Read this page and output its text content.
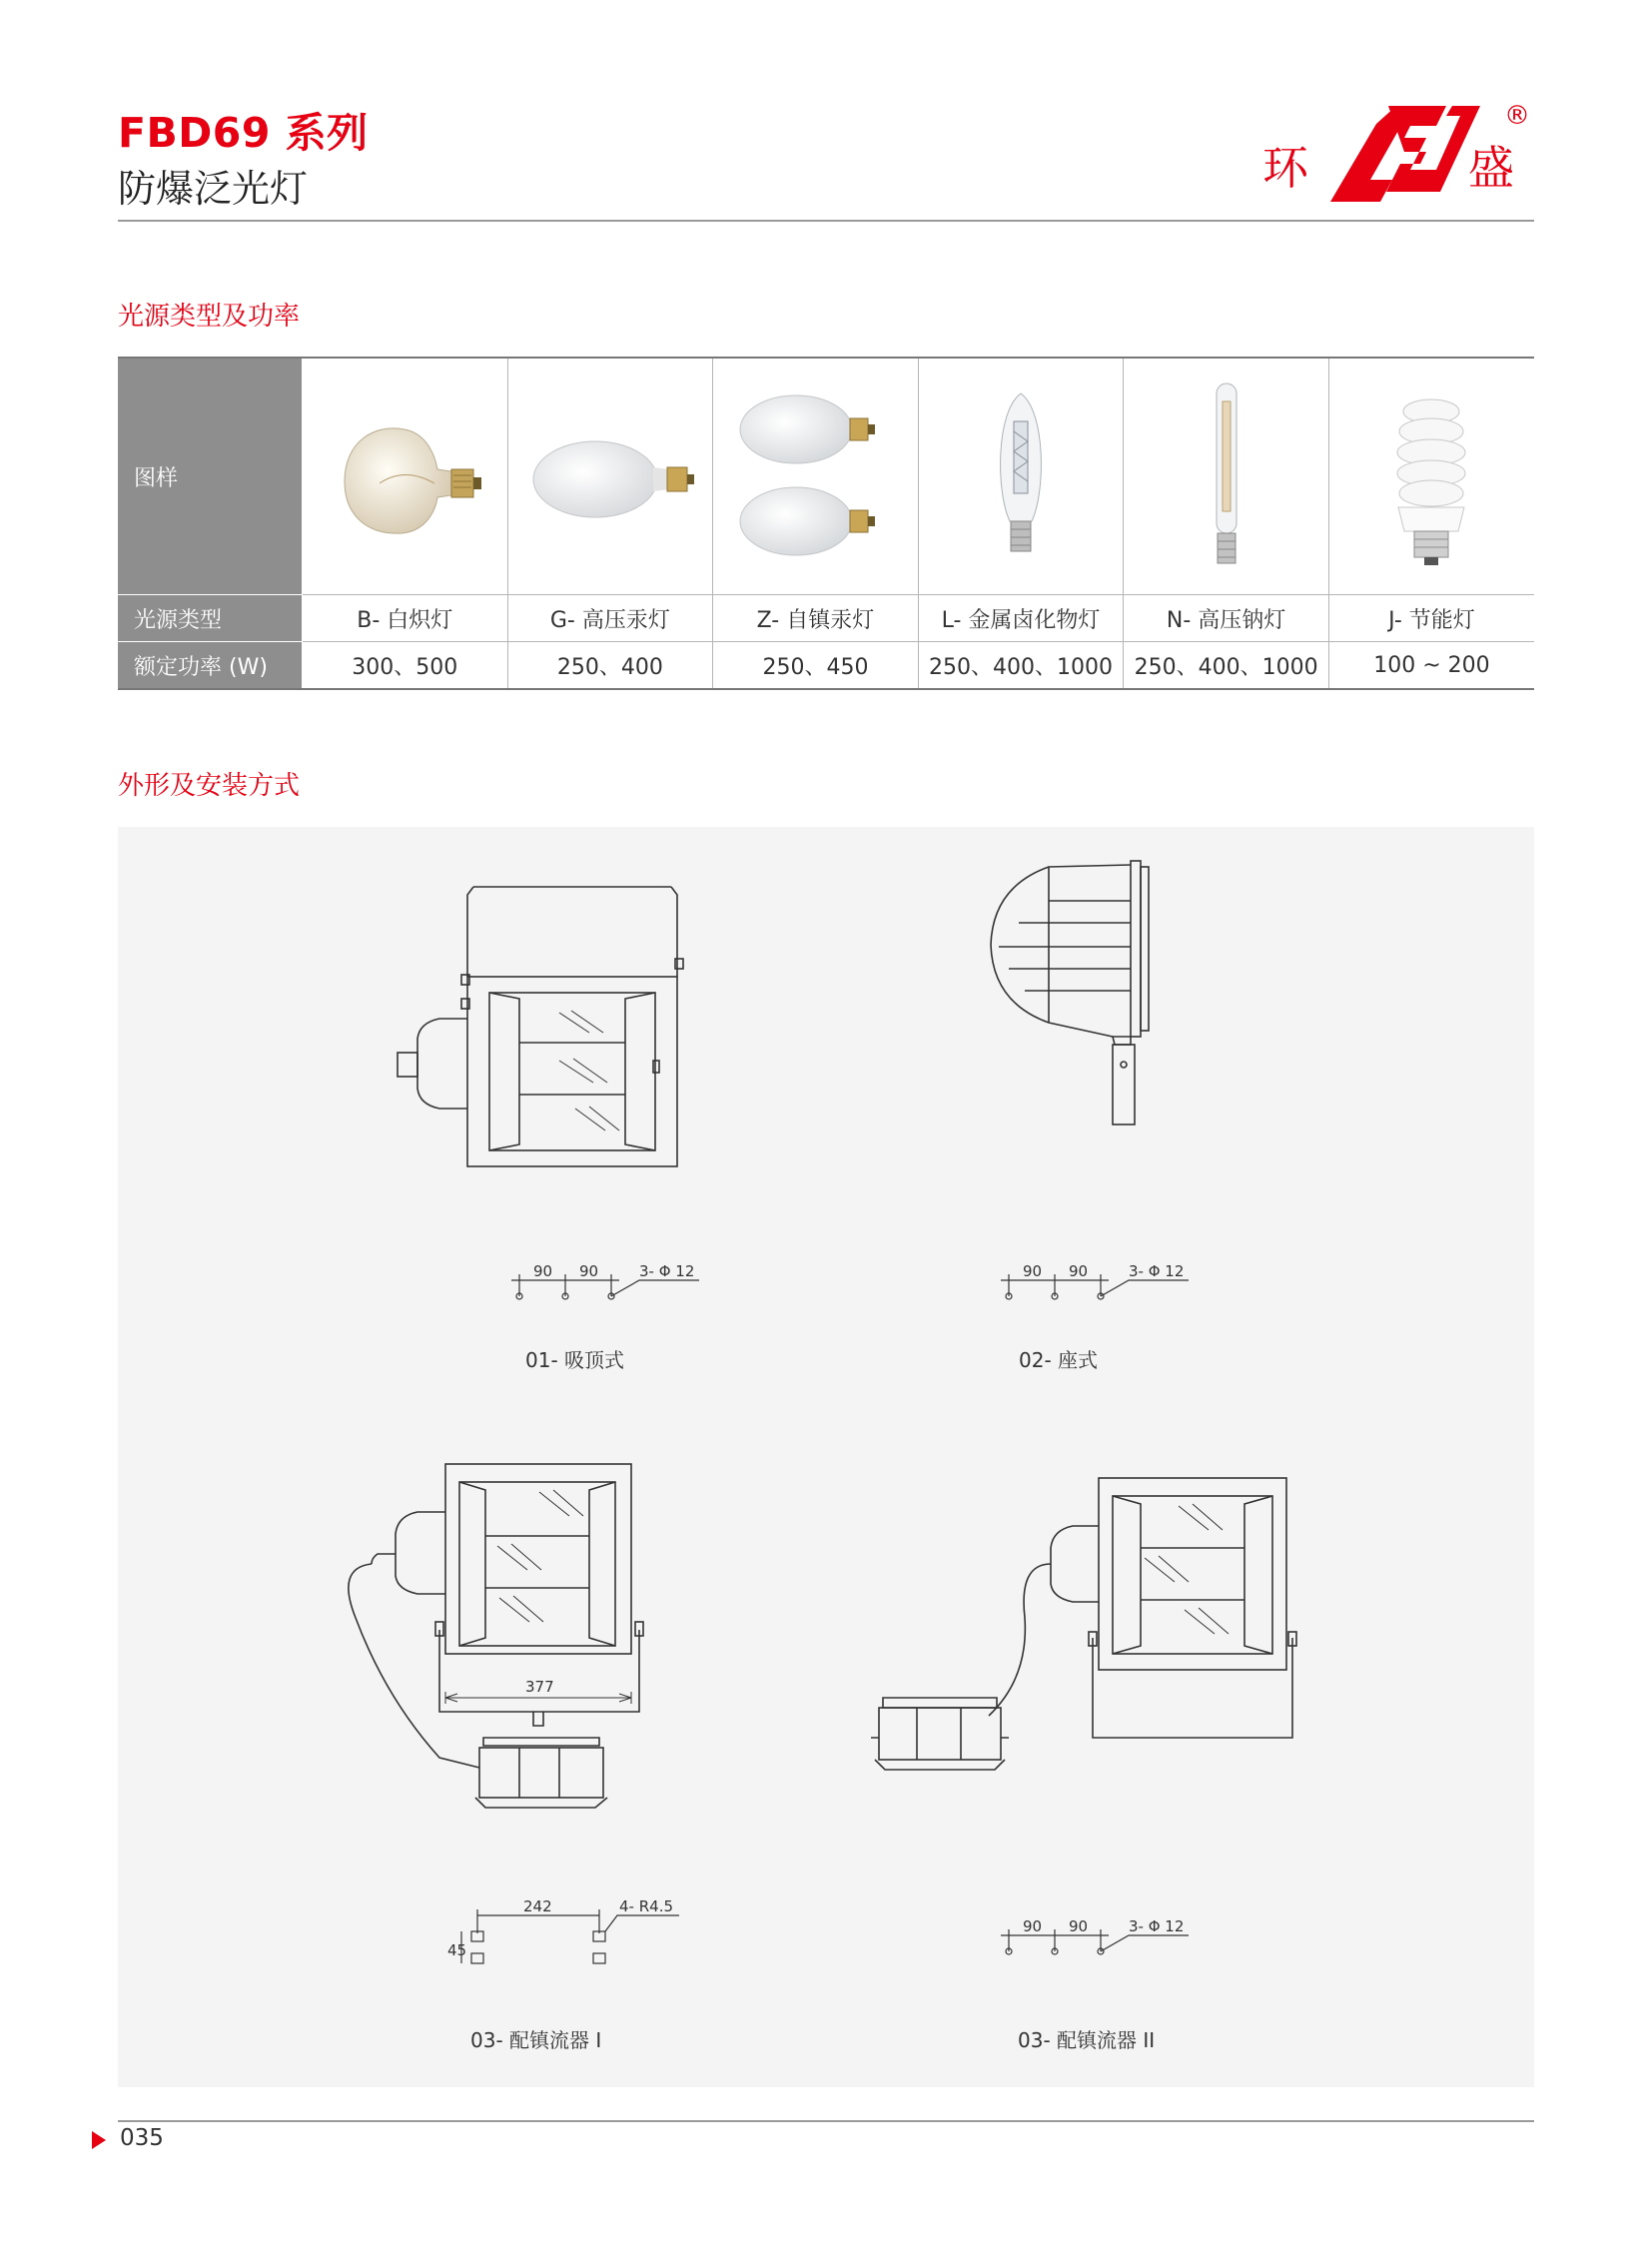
FBD69 系列
防爆泛光灯	环	盛
®
光源类型及功率
图样	

光源类型	B- 白炽灯	G- 高压汞灯	Z- 自镇汞灯	L- 金属卤化物灯	N- 高压钠灯	J- 节能灯
额定功率 (W)	300、500	250、400	250、450	250、400、1000	250、400、1000	100 ~ 200
外形及安装方式
90 90	3- Φ 12	90 90	3- Φ 12
377
242	4- R4.5
45
90 90	3- Φ 12
01- 吸顶式	02- 座式
03- 配镇流器 I	03- 配镇流器 II
035
